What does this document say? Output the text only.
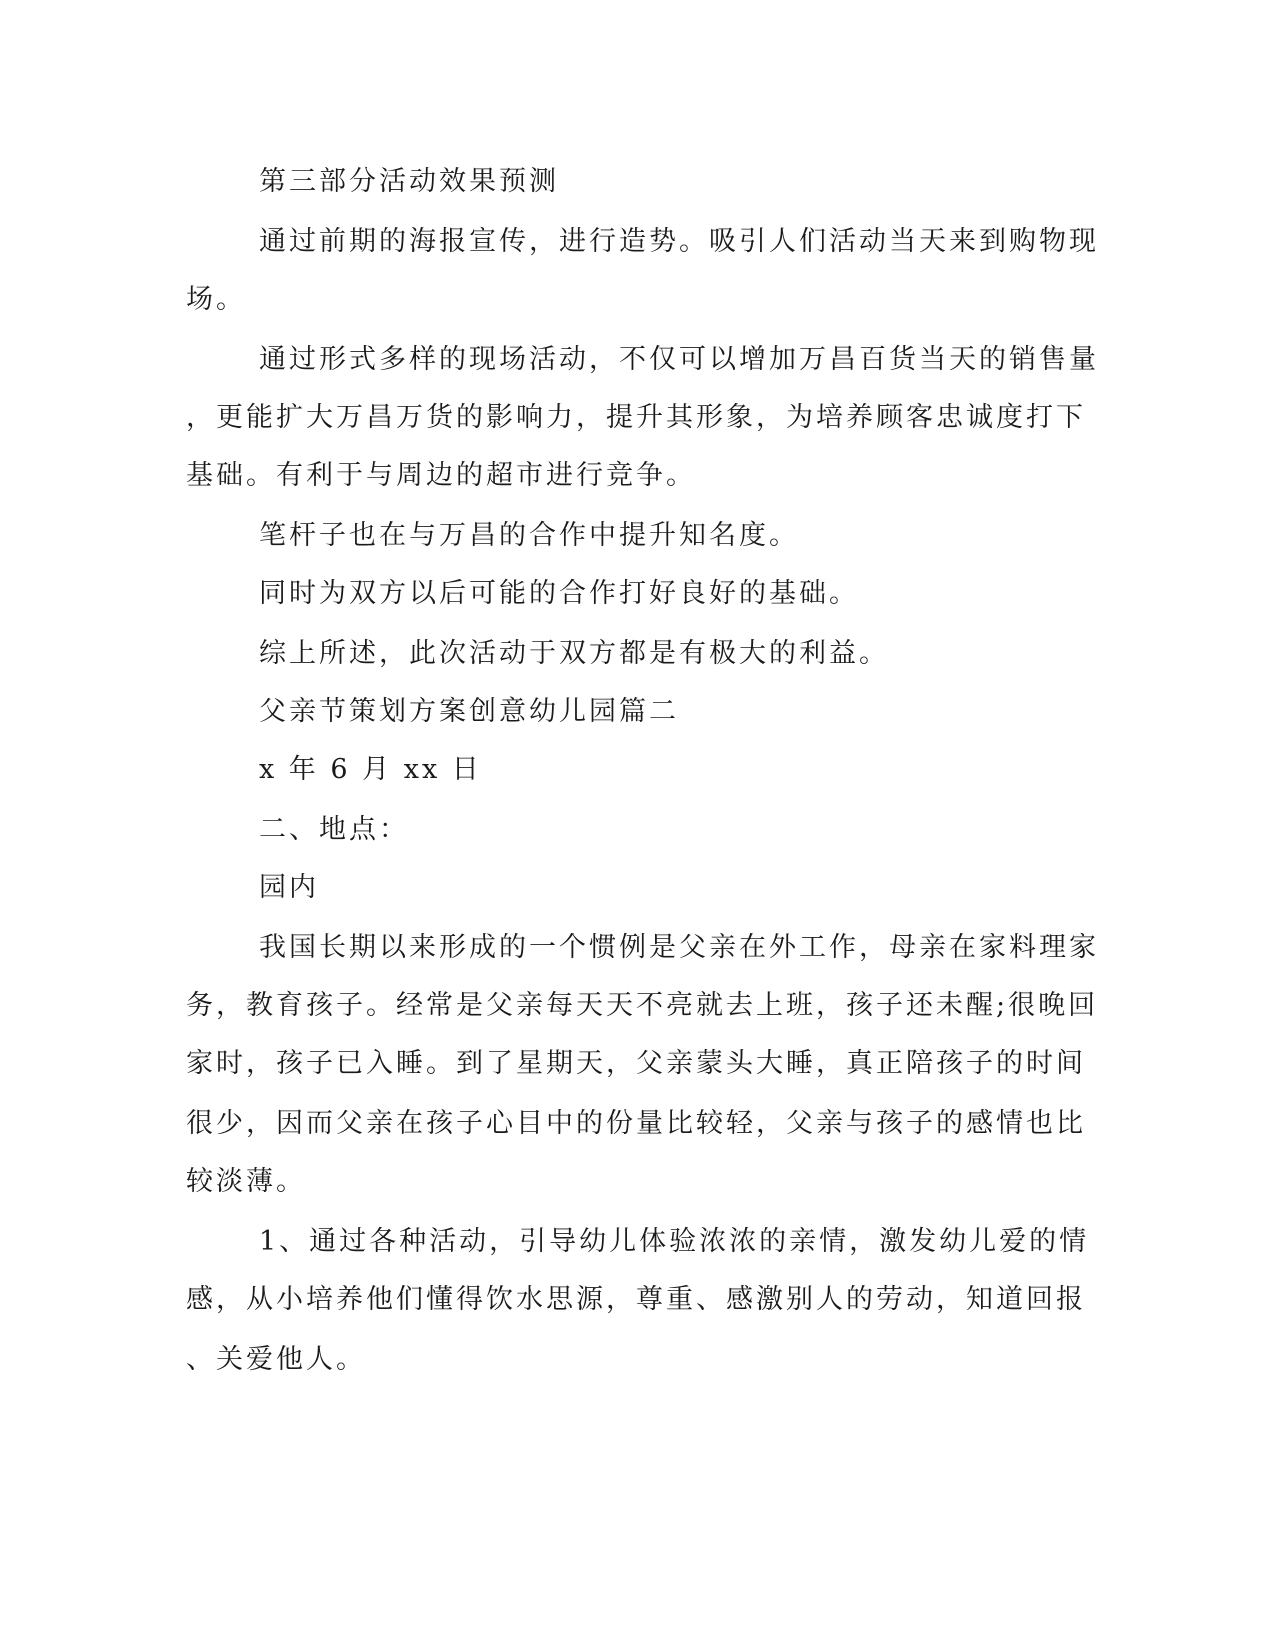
第三部分活动效果预测
通过前期的海报宣传，进行造势。吸引人们活动当天来到购物现
场。
通过形式多样的现场活动，不仅可以增加万昌百货当天的销售量
，更能扩大万昌万货的影响力，提升其形象，为培养顾客忠诚度打下
基础。有利于与周边的超市进行竞争。
笔杆子也在与万昌的合作中提升知名度。
同时为双方以后可能的合作打好良好的基础。
综上所述，此次活动于双方都是有极大的利益。
父亲节策划方案创意幼儿园篇二
x 年 6 月 xx 日
二、地点：
园内
我国长期以来形成的一个惯例是父亲在外工作，母亲在家料理家
务，教育孩子。经常是父亲每天天不亮就去上班，孩子还未醒;很晚回
家时，孩子已入睡。到了星期天，父亲蒙头大睡，真正陪孩子的时间
很少，因而父亲在孩子心目中的份量比较轻，父亲与孩子的感情也比
较淡薄。
1、通过各种活动，引导幼儿体验浓浓的亲情，激发幼儿爱的情
感，从小培养他们懂得饮水思源，尊重、感激别人的劳动，知道回报
、关爱他人。
